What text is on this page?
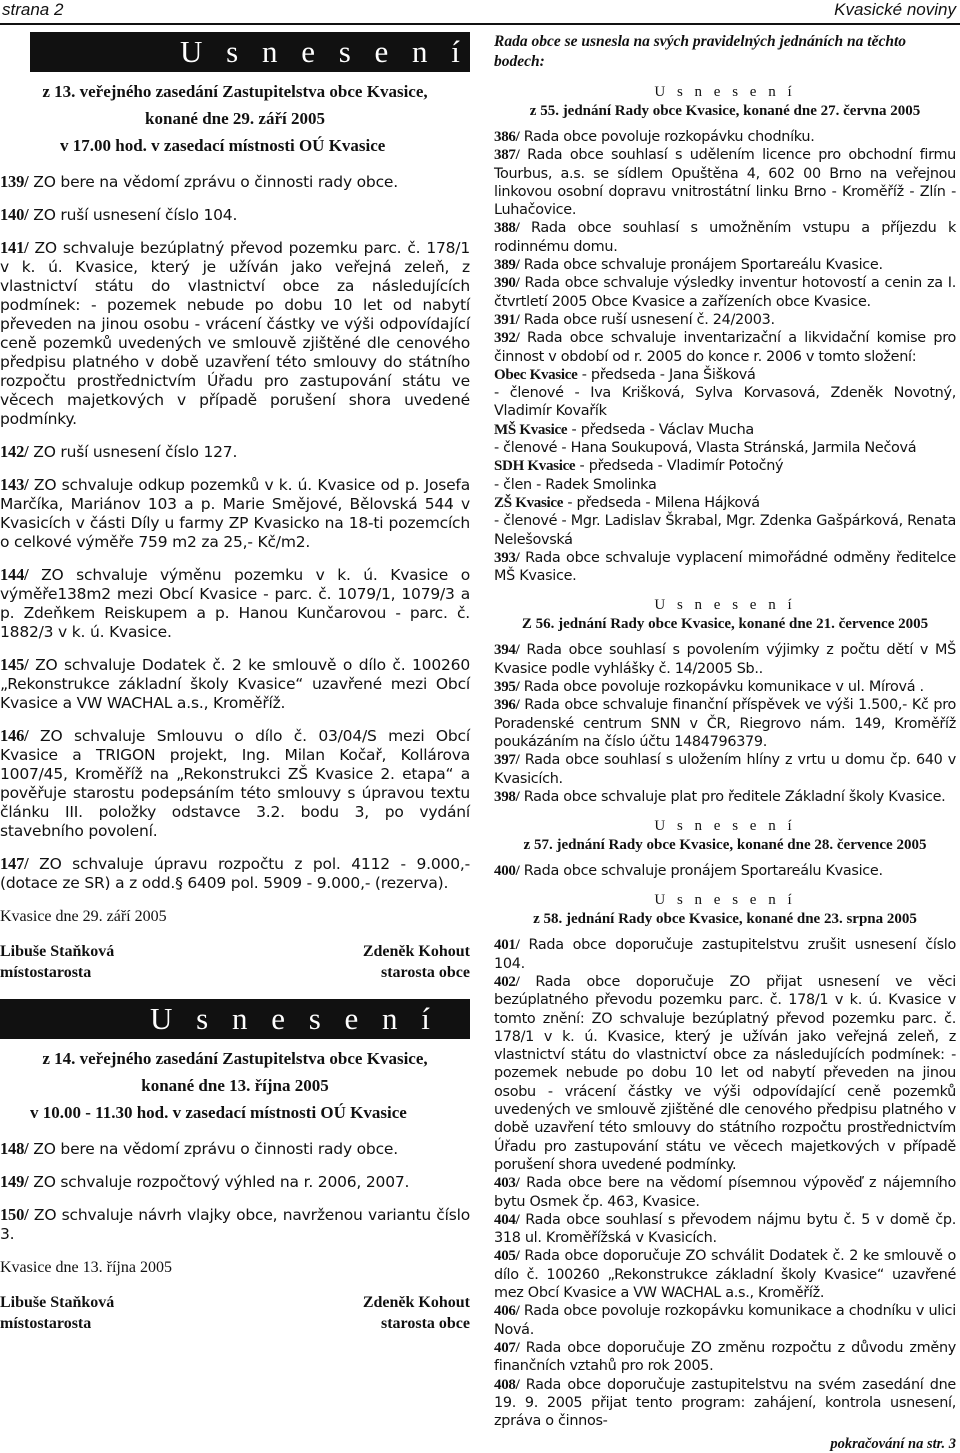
strana 2	Kvasické noviny
U s n e s e n í
z 13. veřejného zasedání Zastupitelstva obce Kvasice,
konané dne 29. září 2005
v 17.00 hod. v zasedací místnosti OÚ Kvasice

139/ ZO bere na vědomí zprávu o činnosti rady obce.

140/ ZO ruší usnesení číslo 104.

141/ ZO schvaluje bezúplatný převod pozemku parc. č. 178/1 v k. ú. Kvasice, který je užíván jako veřejná zeleň, z vlastnictví státu do vlastnictví obce za následujících podmínek: - pozemek nebude po dobu 10 let od nabytí převeden na jinou osobu - vrácení částky ve výši odpovídající ceně pozemků uvedených ve smlouvě zjištěné dle cenového předpisu platného v době uzavření této smlouvy do státního rozpočtu prostřednictvím Úřadu pro zastupování státu ve věcech majetkových v případě porušení shora uvedené podmínky.

142/ ZO ruší usnesení číslo 127.

143/ ZO schvaluje odkup pozemků v k. ú. Kvasice od p. Josefa Marčíka, Mariánov 103 a p. Marie Smějové, Bělovská 544 v Kvasicích v části Díly u farmy ZP Kvasicko na 18-ti pozemcích o celkové výměře 759 m2 za 25,- Kč/m2.

144/ ZO schvaluje výměnu pozemku v k. ú. Kvasice o výměře138m2 mezi Obcí Kvasice - parc. č. 1079/1, 1079/3 a p. Zdeňkem Reiskupem a p. Hanou Kunčarovou - parc. č. 1882/3 v k. ú. Kvasice.

145/ ZO schvaluje Dodatek č. 2 ke smlouvě o dílo č. 100260 „Rekonstrukce základní školy Kvasice“ uzavřené mezi Obcí Kvasice a VW WACHAL a.s., Kroměříž.

146/ ZO schvaluje Smlouvu o dílo č. 03/04/S mezi Obcí Kvasice a TRIGON projekt, Ing. Milan Kočař, Kollárova 1007/45, Kroměříž na „Rekonstrukci ZŠ Kvasice 2. etapa“ a pověřuje starostu podepsáním této smlouvy s úpravou textu článku III. položky odstavce 3.2. bodu 3, po vydání stavebního povolení.

147/ ZO schvaluje úpravu rozpočtu z pol. 4112 - 9.000,- (dotace ze SR) a z odd.§ 6409 pol. 5909 - 9.000,- (rezerva).

Kvasice dne 29. září 2005
Libuše Staňková
místostarosta
Zdeněk Kohout
starosta obce
U s n e s e n í
z 14. veřejného zasedání Zastupitelstva obce Kvasice,
konané dne 13. října 2005
v 10.00 - 11.30 hod. v zasedací místnosti OÚ Kvasice

148/ ZO bere na vědomí zprávu o činnosti rady obce.

149/ ZO schvaluje rozpočtový výhled na r. 2006, 2007.

150/ ZO schvaluje návrh vlajky obce, navrženou variantu číslo 3.

Kvasice dne 13. října 2005
Libuše Staňková
místostarosta
Zdeněk Kohout
starosta obce
Rada obce se usnesla na svých pravidelných jednáních na těchto bodech:
U s n e s e n í
z 55. jednání Rady obce Kvasice, konané dne 27. června 2005

386/ Rada obce povoluje rozkopávku chodníku.

387/ Rada obce souhlasí s udělením licence pro obchodní firmu Tourbus, a.s. se sídlem Opuštěna 4, 602 00 Brno na veřejnou linkovou osobní dopravu vnitrostátní linku Brno - Kroměříž - Zlín - Luhačovice.

388/ Rada obce souhlasí s umožněním vstupu a příjezdu k rodinnému domu.

389/ Rada obce schvaluje pronájem Sportareálu Kvasice.

390/ Rada obce schvaluje výsledky inventur hotovostí a cenin za I. čtvrtletí 2005 Obce Kvasice a zařízeních obce Kvasice.

391/ Rada obce ruší usnesení č. 24/2003.

392/ Rada obce schvaluje inventarizační a likvidační komise pro činnost v období od r. 2005 do konce r. 2006 v tomto složení:

Obec Kvasice - předseda - Jana Šišková

- členové - Iva Krišková, Sylva Korvasová, Zdeněk Novotný, Vladimír Kovařík

MŠ Kvasice - předseda - Václav Mucha

- členové - Hana Soukupová, Vlasta Stránská, Jarmila Nečová

SDH Kvasice - předseda - Vladimír Potočný

- člen - Radek Smolinka

ZŠ Kvasice - předseda - Milena Hájková

- členové - Mgr. Ladislav Škrabal, Mgr. Zdenka Gašpárková, Renata Nelešovská

393/ Rada obce schvaluje vyplacení mimořádné odměny ředitelce MŠ Kvasice.

U s n e s e n í
Z 56. jednání Rady obce Kvasice, konané dne 21. července 2005

394/ Rada obce souhlasí s povolením výjimky z počtu dětí v MŠ Kvasice podle vyhlášky č. 14/2005 Sb..

395/ Rada obce povoluje rozkopávku komunikace v ul. Mírová .

396/ Rada obce schvaluje finanční příspěvek ve výši 1.500,- Kč pro Poradenské centrum SNN v ČR, Riegrovo nám. 149, Kroměříž poukázáním na číslo účtu 1484796379.

397/ Rada obce souhlasí s uložením hlíny z vrtu u domu čp. 640 v Kvasicích.

398/ Rada obce schvaluje plat pro ředitele Základní školy Kvasice.

U s n e s e n í
z 57. jednání Rady obce Kvasice, konané dne 28. července 2005

400/ Rada obce schvaluje pronájem Sportareálu Kvasice.

U s n e s e n í
z 58. jednání Rady obce Kvasice, konané dne 23. srpna 2005

401/ Rada obce doporučuje zastupitelstvu zrušit usnesení číslo 104.

402/ Rada obce doporučuje ZO přijat usnesení ve věci bezúplatného převodu pozemku parc. č. 178/1 v k. ú. Kvasice v tomto znění: ZO schvaluje bezúplatný převod pozemku parc. č. 178/1 v k. ú. Kvasice, který je užíván jako veřejná zeleň, z vlastnictví státu do vlastnictví obce za následujících podmínek: - pozemek nebude po dobu 10 let od nabytí převeden na jinou osobu - vrácení částky ve výši odpovídající ceně pozemků uvedených ve smlouvě zjištěné dle cenového předpisu platného v době uzavření této smlouvy do státního rozpočtu prostřednictvím Úřadu pro zastupování státu ve věcech majetkových v případě porušení shora uvedené podmínky.

403/ Rada obce bere na vědomí písemnou výpověď z nájemního bytu Osmek čp. 463, Kvasice.

404/ Rada obce souhlasí s převodem nájmu bytu č. 5 v domě čp. 318 ul. Kroměřížská v Kvasicích.

405/ Rada obce doporučuje ZO schválit Dodatek č. 2 ke smlouvě o dílo č. 100260 „Rekonstrukce základní školy Kvasice“ uzavřené mez Obcí Kvasice a VW WACHAL a.s., Kroměříž.

406/ Rada obce povoluje rozkopávku komunikace a chodníku v ulici Nová.

407/ Rada obce doporučuje ZO změnu rozpočtu z důvodu změny finančních vztahů pro rok 2005.

408/ Rada obce doporučuje zastupitelstvu na svém zasedání dne 19. 9. 2005 přijat tento program: zahájení, kontrola usnesení, zpráva o činnos-

pokračování na str. 3
